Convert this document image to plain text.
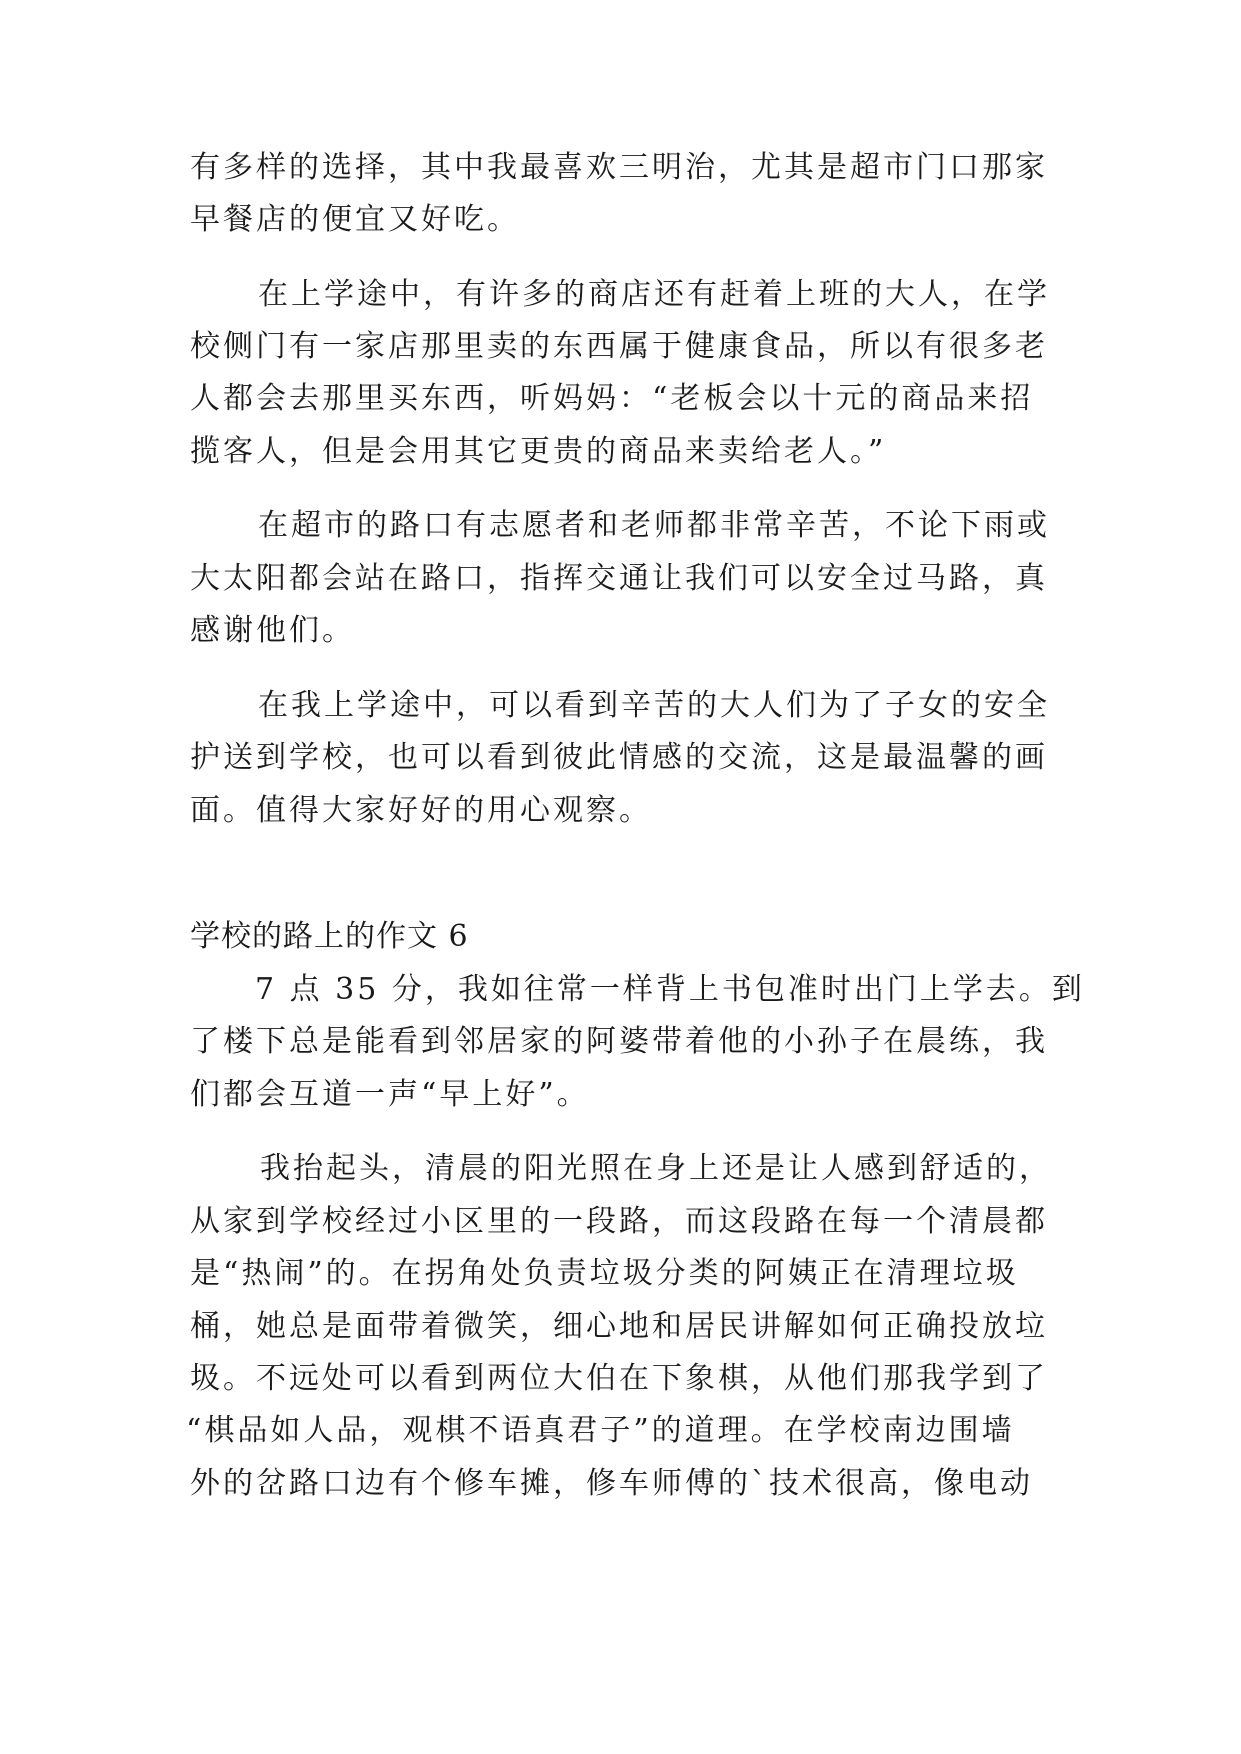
有多样的选择，其中我最喜欢三明治，尤其是超市门口那家
早餐店的便宜又好吃。
在上学途中，有许多的商店还有赶着上班的大人，在学
校侧门有一家店那里卖的东西属于健康食品，所以有很多老
人都会去那里买东西，听妈妈：“老板会以十元的商品来招
揽客人，但是会用其它更贵的商品来卖给老人。”
在超市的路口有志愿者和老师都非常辛苦，不论下雨或
大太阳都会站在路口，指挥交通让我们可以安全过马路，真
感谢他们。
在我上学途中，可以看到辛苦的大人们为了子女的安全
护送到学校，也可以看到彼此情感的交流，这是最温馨的画
面。值得大家好好的用心观察。
学校的路上的作文 6
7 点 35 分，我如往常一样背上书包准时出门上学去。到
了楼下总是能看到邻居家的阿婆带着他的小孙子在晨练，我
们都会互道一声“早上好”。
我抬起头，清晨的阳光照在身上还是让人感到舒适的，
从家到学校经过小区里的一段路，而这段路在每一个清晨都
是“热闹”的。在拐角处负责垃圾分类的阿姨正在清理垃圾
桶，她总是面带着微笑，细心地和居民讲解如何正确投放垃
圾。不远处可以看到两位大伯在下象棋，从他们那我学到了
“棋品如人品，观棋不语真君子”的道理。在学校南边围墙
外的岔路口边有个修车摊，修车师傅的`技术很高，像电动
